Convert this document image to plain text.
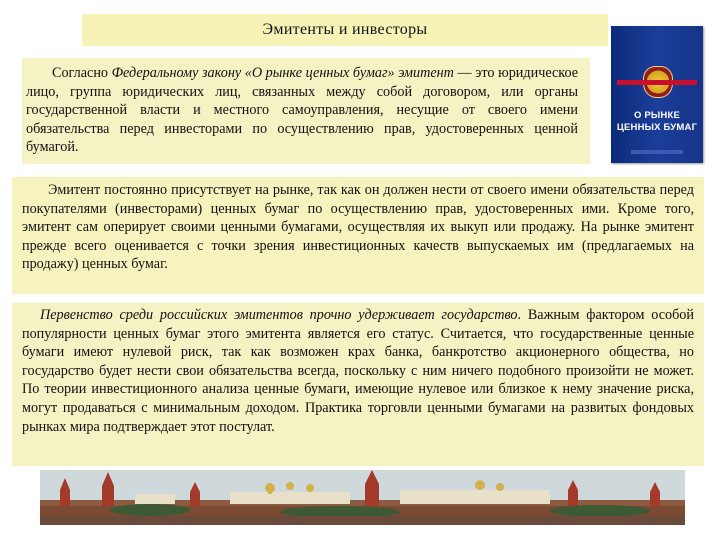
Эмитенты и инвесторы
Согласно Федеральному закону «О рынке ценных бумаг» эмитент — это юридическое лицо, группа юридических лиц, связанных между собой договором, или органы государственной власти и местного самоуправления, несущие от своего имени обязательства перед инвесторами по осуществлению прав, удостоверенных ценной бумагой.
О РЫНКЕ
ЦЕННЫХ БУМАГ
Эмитент постоянно присутствует на рынке, так как он должен нести от своего имени обязательства перед покупателями (инвесторами) ценных бумаг по осуществлению прав, удостоверенных ими. Кроме того, эмитент сам оперирует своими ценными бумагами, осуществляя их выкуп или продажу. На рынке эмитент прежде всего оценивается с точки зрения инвестиционных качеств выпускаемых им (предлагаемых на продажу) ценных бумаг.
Первенство среди российских эмитентов прочно удерживает государство. Важным фактором особой популярности ценных бумаг этого эмитента является его статус. Считается, что государственные ценные бумаги имеют нулевой риск, так как возможен крах банка, банкротство акционерного общества, но государство будет нести свои обязательства всегда, поскольку с ним ничего подобного произойти не может. По теории инвестиционного анализа ценные бумаги, имеющие нулевое или близкое к нему значение риска, могут продаваться с минимальным доходом. Практика торговли ценными бумагами на развитых фондовых рынках мира подтверждает этот постулат.
